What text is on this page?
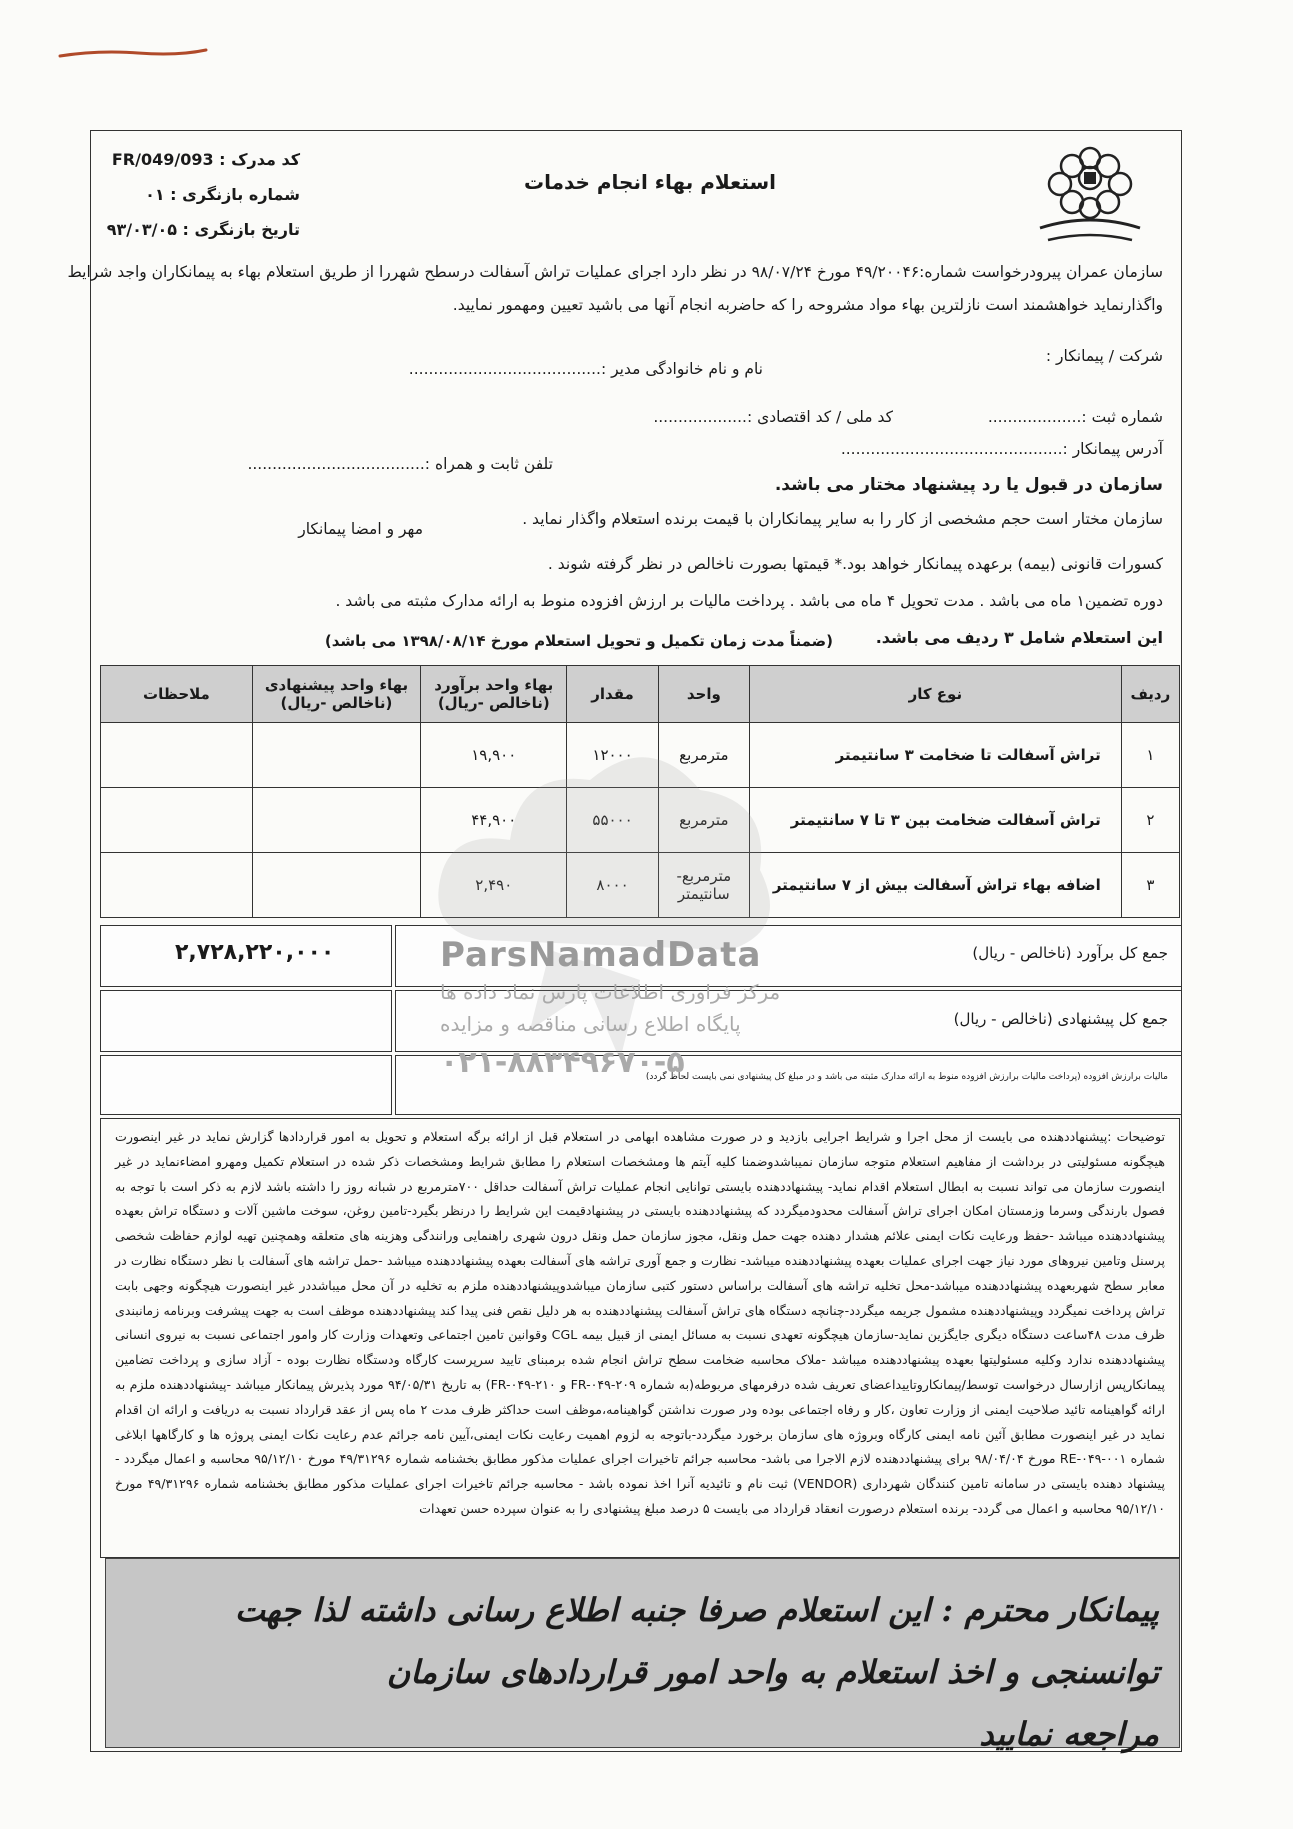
استعلام بهاء انجام خدمات
کد مدرک : FR/049/093
شماره بازنگری : ۰۱
تاریخ بازنگری : ۹۳/۰۳/۰۵
سازمان عمران پیرودرخواست شماره:۴۹/۲۰۰۴۶ مورخ ۹۸/۰۷/۲۴ در نظر دارد اجرای عملیات تراش آسفالت درسطح شهررا از طریق استعلام بهاء به پیمانکاران واجد شرایط
واگذارنماید خواهشمند است نازلترین بهاء مواد مشروحه را که حاضربه انجام آنها می باشید تعیین ومهمور نمایید.
شرکت / پیمانکار :
نام و نام خانوادگی مدیر :.......................................
شماره ثبت :...................
کد ملی / کد اقتصادی :...................
آدرس پیمانکار :.............................................
تلفن ثابت و همراه :....................................
سازمان در قبول یا رد پیشنهاد مختار می باشد.
سازمان مختار است حجم مشخصی از کار را به سایر پیمانکاران با قیمت برنده استعلام واگذار نماید .
مهر و امضا پیمانکار
کسورات قانونی (بیمه) برعهده پیمانکار خواهد بود.* قیمتها بصورت ناخالص در نظر گرفته شوند .
دوره تضمین۱ ماه می باشد . مدت تحویل ۴ ماه می باشد . پرداخت مالیات بر ارزش افزوده منوط به ارائه مدارک مثبته می باشد .
این استعلام شامل ۳ ردیف می باشد.
(ضمناً مدت زمان تکمیل و تحویل استعلام مورخ ۱۳۹۸/۰۸/۱۴ می باشد)
ردیف	نوع کار	واحد	مقدار	بهاء واحد برآورد (ناخالص -ریال)	بهاء واحد پیشنهادی (ناخالص -ریال)	ملاحظات
۱	تراش آسفالت تا ضخامت ۳ سانتیمتر	مترمربع	۱۲۰۰۰	۱۹,۹۰۰		
۲	تراش آسفالت ضخامت بین ۳ تا ۷ سانتیمتر	مترمربع	۵۵۰۰۰	۴۴,۹۰۰		
۳	اضافه بهاء تراش آسفالت بیش از ۷ سانتیمتر	مترمربع- سانتیمتر	۸۰۰۰	۲,۴۹۰		
جمع کل برآورد (ناخالص - ریال)
۲,۷۲۸,۲۲۰,۰۰۰
جمع کل پیشنهادی (ناخالص - ریال)
مالیات برارزش افزوده (پرداخت مالیات برارزش افزوده منوط به ارائه مدارک مثبته می باشد و در مبلغ کل پیشنهادی نمی بایست لحاظ گردد)
ParsNamadData
مرکز فراوری اطلاعات پارس نماد داده ها
پایگاه اطلاع رسانی مناقصه و مزایده
۰۲۱-۸۸۳۴۹۶۷۰-۵
توضیحات :پیشنهاددهنده می بایست از محل اجرا و شرایط اجرایی بازدید و در صورت مشاهده ابهامی در استعلام قبل از ارائه برگه استعلام و تحویل به امور قراردادها گزارش نماید در غیر اینصورت هیچگونه مسئولیتی در برداشت از مفاهیم استعلام متوجه سازمان نمیباشدوضمنا کلیه آیتم ها ومشخصات استعلام را مطابق شرایط ومشخصات ذکر شده در استعلام تکمیل ومهرو امضاءنماید در غیر اینصورت سازمان می تواند نسبت به ابطال استعلام اقدام نماید- پیشنهاددهنده بایستی توانایی انجام عملیات تراش آسفالت حداقل ۷۰۰مترمربع در شبانه روز را داشته باشد لازم به ذکر است با توجه به فصول بارندگی وسرما وزمستان امکان اجرای تراش آسفالت محدودمیگردد که پیشنهاددهنده بایستی در پیشنهادقیمت این شرایط را درنظر بگیرد-تامین روغن، سوخت ماشین آلات و دستگاه تراش بعهده پیشنهاددهنده میباشد -حفظ ورعایت نکات ایمنی علائم هشدار دهنده جهت حمل ونقل، مجوز سازمان حمل ونقل درون شهری راهنمایی ورانندگی وهزینه های متعلقه وهمچنین تهیه لوازم حفاظت شخصی پرسنل وتامین نیروهای مورد نیاز جهت اجرای عملیات بعهده پیشنهاددهنده میباشد- نظارت و جمع آوری تراشه های آسفالت بعهده پیشنهاددهنده میباشد -حمل تراشه های آسفالت با نظر دستگاه نظارت در معابر سطح شهربعهده پیشنهاددهنده میباشد-محل تخلیه تراشه های آسفالت براساس دستور کتبی سازمان میباشدوپیشنهاددهنده ملزم به تخلیه در آن محل میباشددر غیر اینصورت هیچگونه وجهی بابت تراش پرداخت نمیگردد وپیشنهاددهنده مشمول جریمه میگردد-چنانچه دستگاه های تراش آسفالت پیشنهاددهنده به هر دلیل نقص فنی پیدا کند پیشنهاددهنده موظف است به جهت پیشرفت وبرنامه زمانبندی ظرف مدت ۴۸ساعت دستگاه دیگری جایگزین نماید-سازمان هیچگونه تعهدی نسبت به مسائل ایمنی از قبیل بیمه CGL وقوانین تامین اجتماعی وتعهدات وزارت کار وامور اجتماعی نسبت به نیروی انسانی پیشنهاددهنده ندارد وکلیه مسئولیتها بعهده پیشنهاددهنده میباشد -ملاک محاسبه ضخامت سطح تراش انجام شده برمبنای تایید سرپرست کارگاه ودستگاه نظارت بوده - آزاد سازی و پرداخت تضامین پیمانکارپس ازارسال درخواست توسط/پیمانکاروتاییداعضای تعریف شده درفرمهای مربوطه(به شماره FR-۰۴۹-۲۰۹ و FR-۰۴۹-۲۱۰) به تاریخ ۹۴/۰۵/۳۱ مورد پذیرش پیمانکار میباشد -پیشنهاددهنده ملزم به ارائه گواهینامه تائید صلاحیت ایمنی از وزارت تعاون ،کار و رفاه اجتماعی بوده ودر صورت نداشتن گواهینامه،موظف است حداکثر ظرف مدت ۲ ماه پس از عقد قرارداد نسبت به دریافت و ارائه ان اقدام نماید در غیر اینصورت مطابق آئین نامه ایمنی کارگاه وبروژه های سازمان برخورد میگردد-باتوجه به لزوم اهمیت رعایت نکات ایمنی،آیین نامه جرائم عدم رعایت نکات ایمنی پروژه ها و کارگاهها ابلاغی شماره RE-۰۴۹-۰۰۱ مورخ ۹۸/۰۴/۰۴ برای پیشنهاددهنده لازم الاجرا می باشد- محاسبه جرائم تاخیرات اجرای عملیات مذکور مطابق بخشنامه شماره ۴۹/۳۱۲۹۶ مورخ ۹۵/۱۲/۱۰ محاسبه و اعمال میگردد - پیشنهاد دهنده بایستی در سامانه تامین کنندگان شهرداری (VENDOR) ثبت نام و تائیدیه آنرا اخذ نموده باشد - محاسبه جرائم تاخیرات اجرای عملیات مذکور مطابق بخشنامه شماره ۴۹/۳۱۲۹۶ مورخ ۹۵/۱۲/۱۰ محاسبه و اعمال می گردد- برنده استعلام درصورت انعقاد قرارداد می بایست ۵ درصد مبلغ پیشنهادی را به عنوان سپرده حسن تعهدات
پیمانکار محترم : این استعلام صرفا جنبه اطلاع رسانی داشته لذا جهت توانسنجی و اخذ استعلام به واحد امور قراردادهای سازمان
مراجعه نمایید
